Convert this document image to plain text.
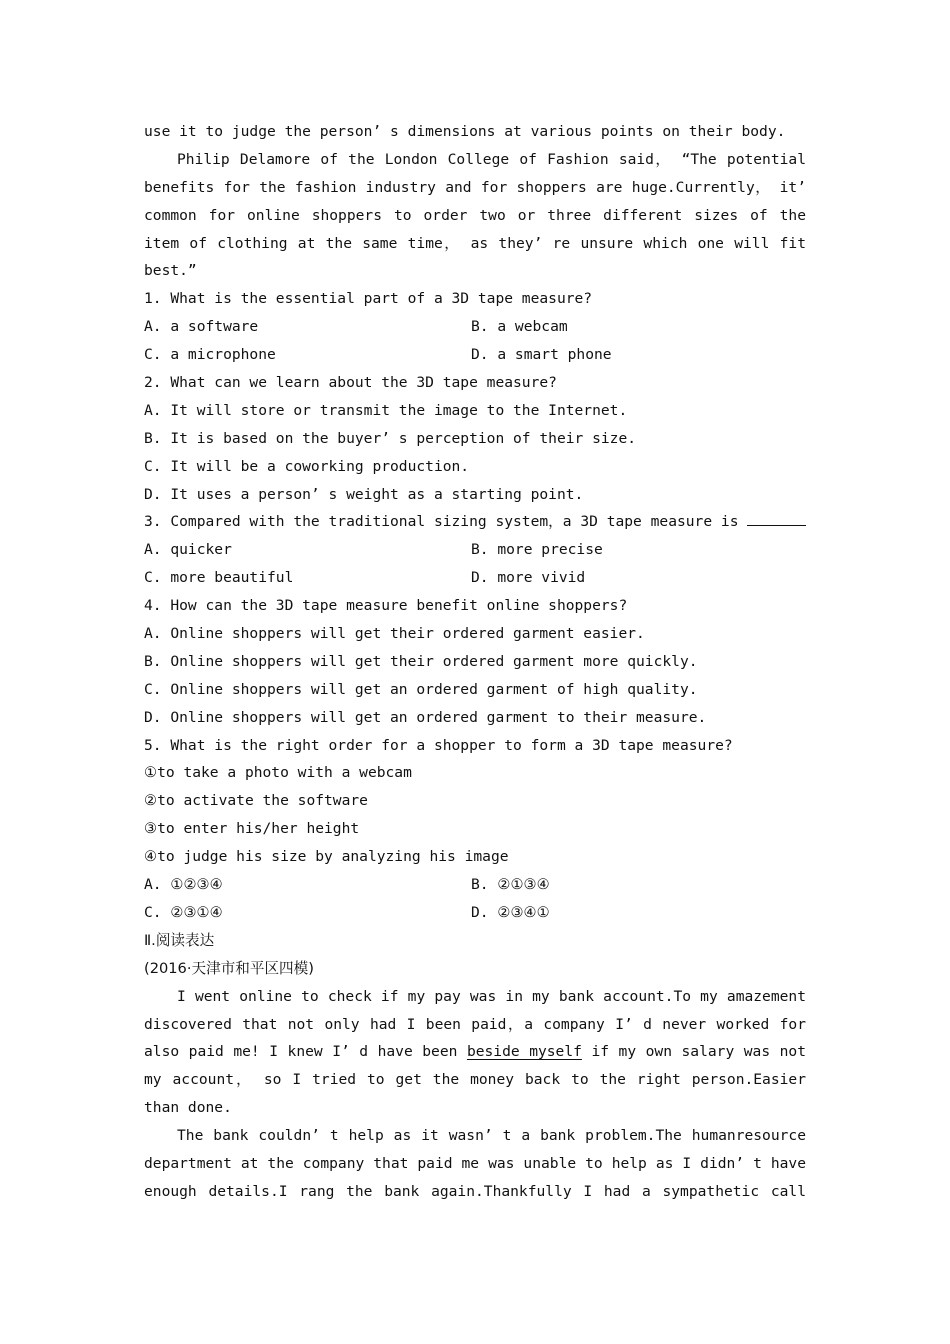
use it to judge the person’ s dimensions at various points on their body.
Philip Delamore of the London College of Fashion said， “The potential
benefits for the fashion industry and for shoppers are huge.Currently， it’
common for online shoppers to order two or three different sizes of the
item of clothing at the same time， as they’ re unsure which one will fit
best.”
1. What is the essential part of a 3D tape measure?
A. a software	B. a webcam
C. a microphone	D. a smart phone
2. What can we learn about the 3D tape measure?
A. It will store or transmit the image to the Internet.
B. It is based on the buyer’ s perception of their size.
C. It will be a coworking production.
D. It uses a person’ s weight as a starting point.
3. Compared with the traditional sizing system，a 3D tape measure is
A. quicker	B. more precise
C. more beautiful	D. more vivid
4. How can the 3D tape measure benefit online shoppers?
A. Online shoppers will get their ordered garment easier.
B. Online shoppers will get their ordered garment more quickly.
C. Online shoppers will get an ordered garment of high quality.
D. Online shoppers will get an ordered garment to their measure.
5. What is the right order for a shopper to form a 3D tape measure?
①to take a photo with a webcam
②to activate the software
③to enter his/her height
④to judge his size by analyzing his image
A. ①②③④	B. ②①③④
C. ②③①④	D. ②③④①
Ⅱ.阅读表达
(2016·天津市和平区四模)
I went online to check if my pay was in my bank account.To my amazement
discovered that not only had I been paid，a company I’ d never worked for
also paid me! I knew I’ d have been beside myself if my own salary was not
my account， so I tried to get the money back to the right person.Easier
than done.
The bank couldn’ t help as it wasn’ t a bank problem.The humanresource
department at the company that paid me was unable to help as I didn’ t have
enough details.I rang the bank again.Thankfully I had a sympathetic call
